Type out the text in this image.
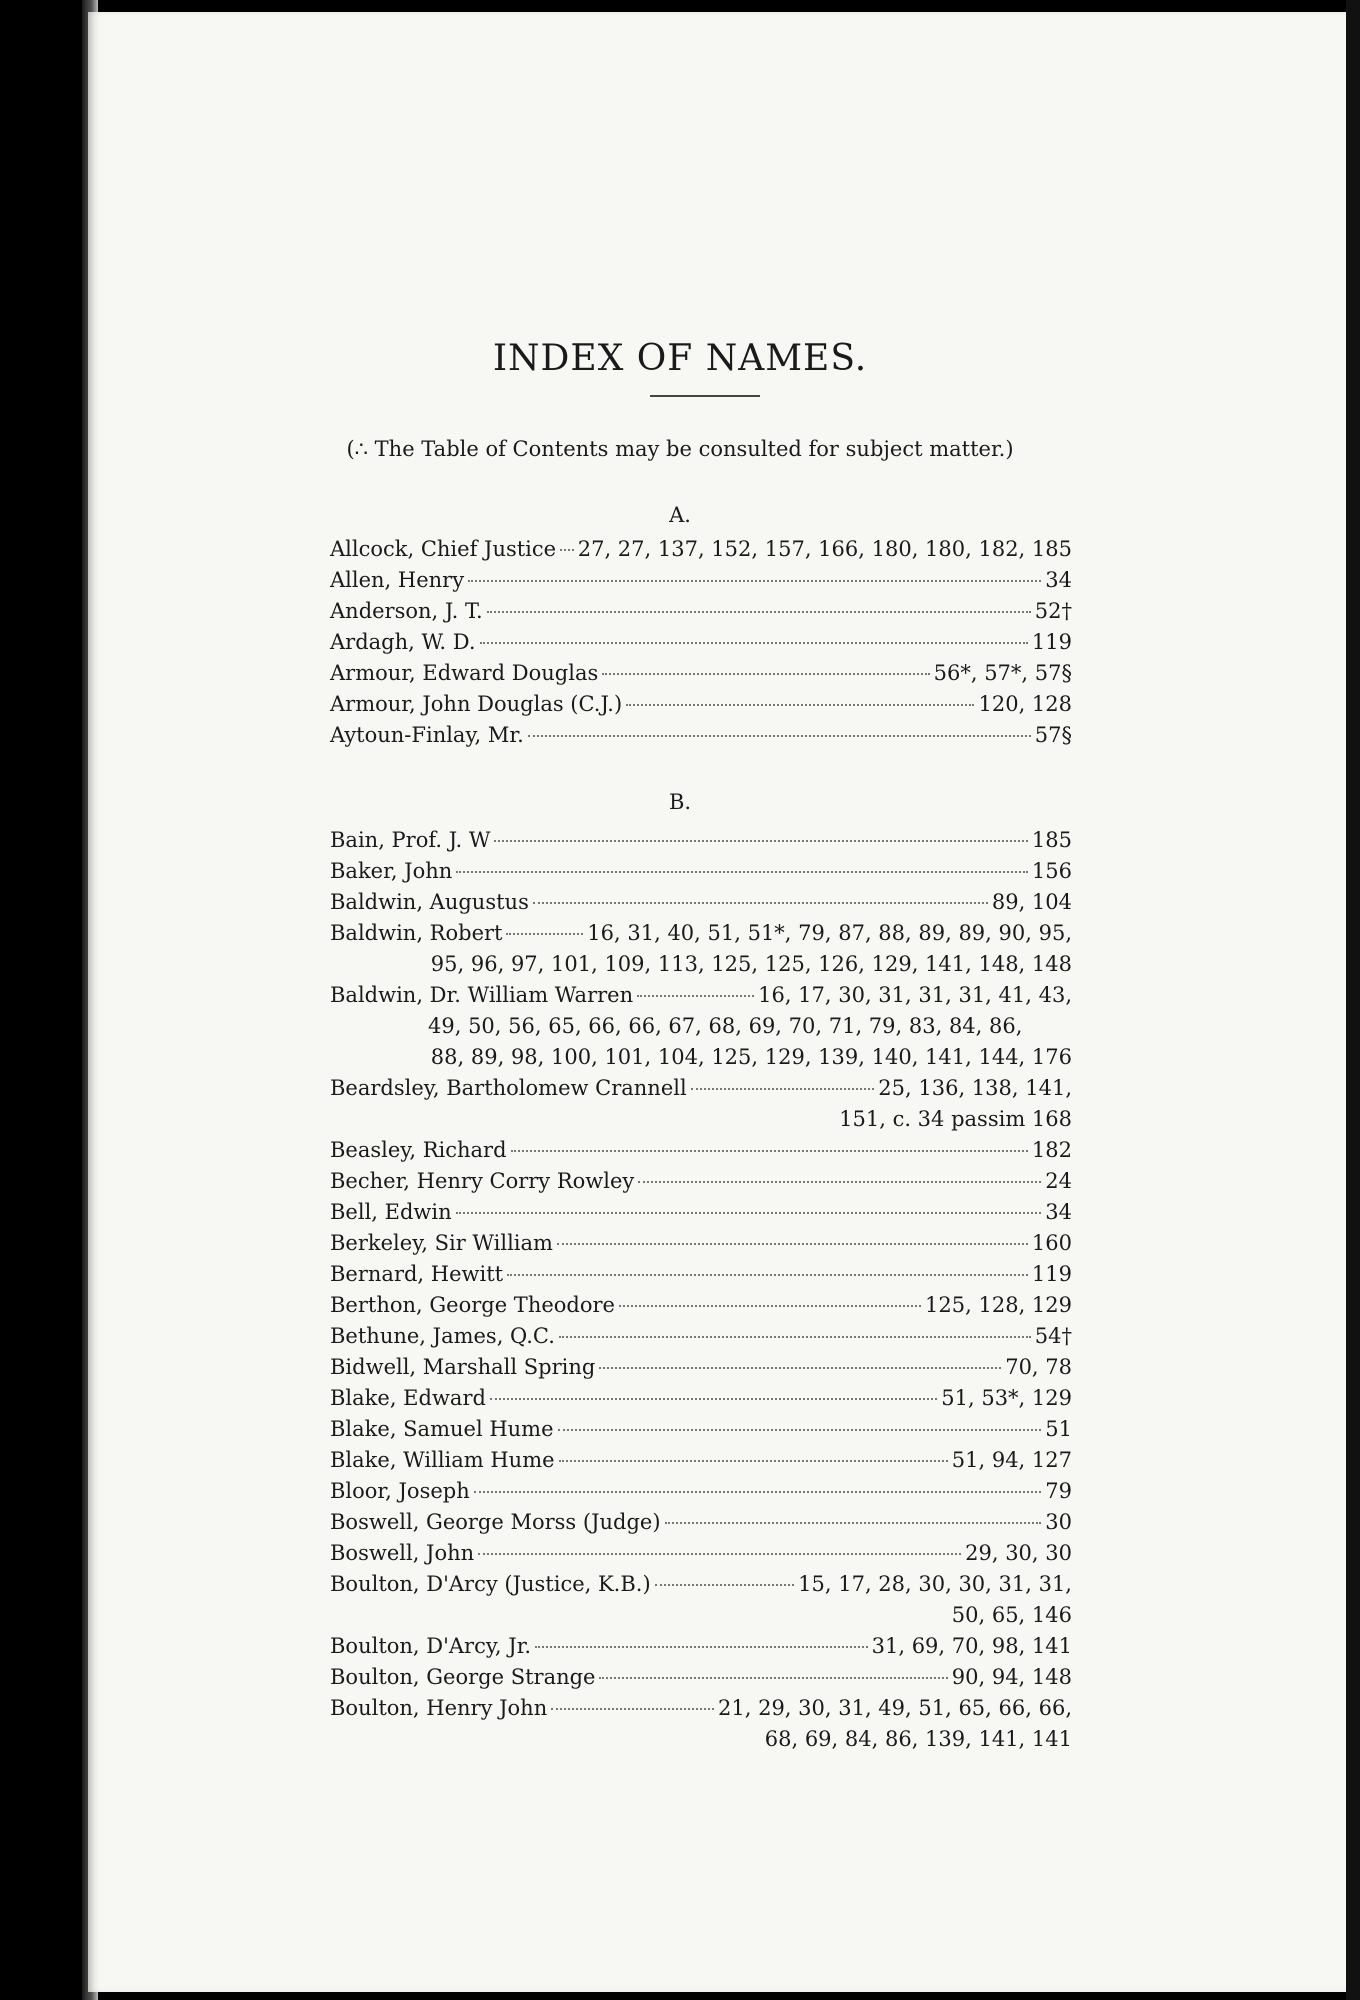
INDEX OF NAMES.
(∴ The Table of Contents may be consulted for subject matter.)
A.
Allcock, Chief Justice 27, 27, 137, 152, 157, 166, 180, 180, 182, 185
Allen, Henry	34
Anderson, J. T.	52†
Ardagh, W. D.	119
Armour, Edward Douglas	56*, 57*, 57§
Armour, John Douglas (C.J.)	120, 128
Aytoun-Finlay, Mr.	57§
B.
Bain, Prof. J. W	185
Baker, John	156
Baldwin, Augustus	89, 104
Baldwin, Robert	16, 31, 40, 51, 51*, 79, 87, 88, 89, 89, 90, 95,
95, 96, 97, 101, 109, 113, 125, 125, 126, 129, 141, 148, 148
Baldwin, Dr. William Warren	16, 17, 30, 31, 31, 31, 41, 43,
49, 50, 56, 65, 66, 66, 67, 68, 69, 70, 71, 79, 83, 84, 86,
88, 89, 98, 100, 101, 104, 125, 129, 139, 140, 141, 144, 176
Beardsley, Bartholomew Crannell	25, 136, 138, 141,
151, c. 34 passim 168
Beasley, Richard	182
Becher, Henry Corry Rowley	24
Bell, Edwin	34
Berkeley, Sir William	160
Bernard, Hewitt	119
Berthon, George Theodore	125, 128, 129
Bethune, James, Q.C.	54†
Bidwell, Marshall Spring	70, 78
Blake, Edward	51, 53*, 129
Blake, Samuel Hume	51
Blake, William Hume	51, 94, 127
Bloor, Joseph	79
Boswell, George Morss (Judge)	30
Boswell, John	29, 30, 30
Boulton, D'Arcy (Justice, K.B.)	15, 17, 28, 30, 30, 31, 31,
50, 65, 146
Boulton, D'Arcy, Jr.	31, 69, 70, 98, 141
Boulton, George Strange	90, 94, 148
Boulton, Henry John	21, 29, 30, 31, 49, 51, 65, 66, 66,
68, 69, 84, 86, 139, 141, 141
